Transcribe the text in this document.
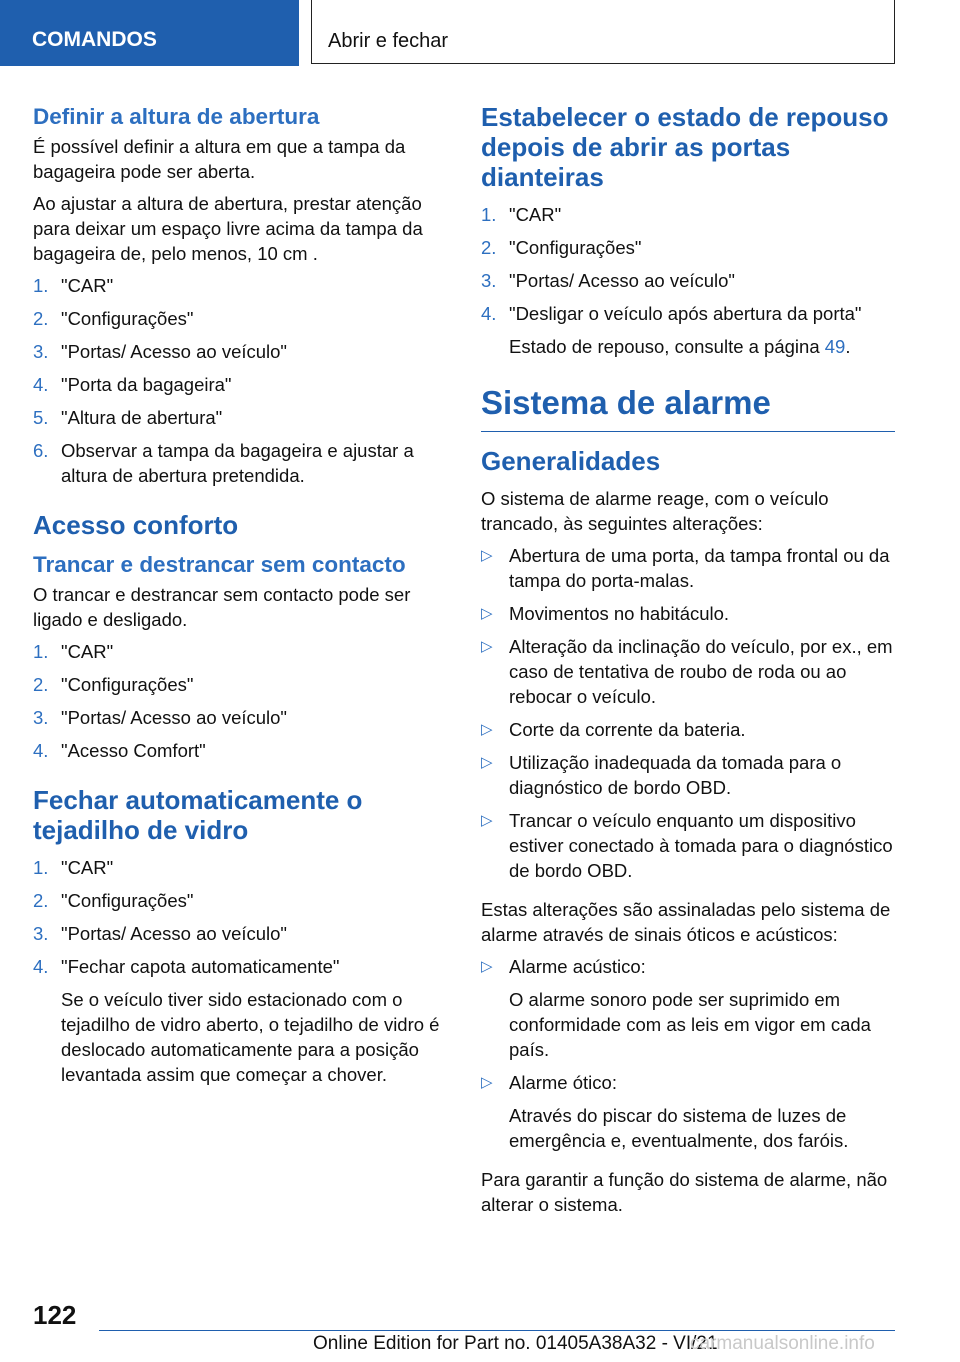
COMANDOS	Abrir e fechar
Definir a altura de abertura

É possível definir a altura em que a tampa da bagageira pode ser aberta.

Ao ajustar a altura de abertura, prestar atenção para deixar um espaço livre acima da tampa da bagageira de, pelo menos, 10 cm .

1. "CAR"
2. "Configurações"
3. "Portas/ Acesso ao veículo"
4. "Porta da bagageira"
5. "Altura de abertura"
6. Observar a tampa da bagageira e ajustar a altura de abertura pretendida.
Acesso conforto
Trancar e destrancar sem contacto

O trancar e destrancar sem contacto pode ser ligado e desligado.

1. "CAR"
2. "Configurações"
3. "Portas/ Acesso ao veículo"
4. "Acesso Comfort"
Fechar automaticamente o tejadilho de vidro
1. "CAR"
2. "Configurações"
3. "Portas/ Acesso ao veículo"
4. "Fechar capota automaticamente"
Se o veículo tiver sido estacionado com o tejadilho de vidro aberto, o tejadilho de vidro é deslocado automaticamente para a posição levantada assim que começar a chover.
Estabelecer o estado de repouso depois de abrir as portas dianteiras
1. "CAR"
2. "Configurações"
3. "Portas/ Acesso ao veículo"
4. "Desligar o veículo após abertura da porta"
Estado de repouso, consulte a página 49.
Sistema de alarme
Generalidades

O sistema de alarme reage, com o veículo trancado, às seguintes alterações:

▷ Abertura de uma porta, da tampa frontal ou da tampa do porta-malas.
▷ Movimentos no habitáculo.
▷ Alteração da inclinação do veículo, por ex., em caso de tentativa de roubo de roda ou ao rebocar o veículo.
▷ Corte da corrente da bateria.
▷ Utilização inadequada da tomada para o diagnóstico de bordo OBD.
▷ Trancar o veículo enquanto um dispositivo estiver conectado à tomada para o diagnóstico de bordo OBD.

Estas alterações são assinaladas pelo sistema de alarme através de sinais óticos e acústicos:

▷ Alarme acústico:
O alarme sonoro pode ser suprimido em conformidade com as leis em vigor em cada país.
▷ Alarme ótico:
Através do piscar do sistema de luzes de emergência e, eventualmente, dos faróis.

Para garantir a função do sistema de alarme, não alterar o sistema.

122
Online Edition for Part no. 01405A38A32 - VI/21
carmanualsonline.info
